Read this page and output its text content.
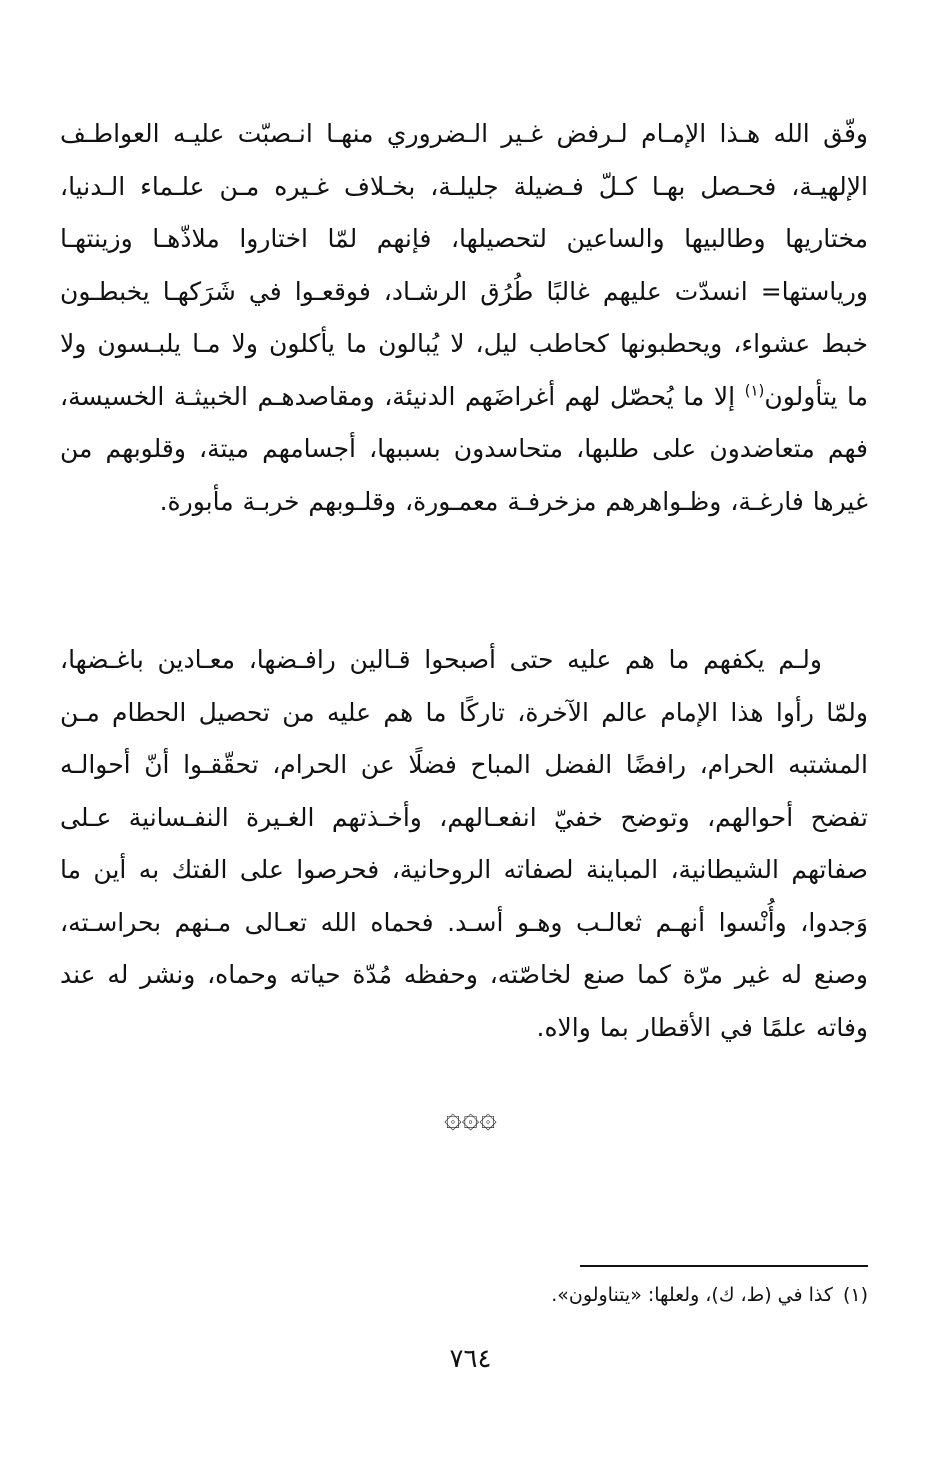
وفّق الله هـذا الإمـام لـرفض غـير الـضروري منهـا انـصبّت عليـه العواطـف الإلهيـة، فحـصل بهـا كـلّ فـضيلة جليلـة، بخـلاف غـيره مـن علـماء الـدنيا، مختاريها وطالبيها والساعين لتحصيلها، فإنهم لمّا اختاروا ملاذّهـا وزينتهـا ورياستها= انسدّت عليهم غالبًا طُرُق الرشـاد، فوقعـوا في شَرَكهـا يخبطـون خبط عشواء، ويحطبونها كحاطب ليل، لا يُبالون ما يأكلون ولا مـا يلبـسون ولا ما يتأولون$^{(١)}$ إلا ما يُحصّل لهم أغراضَهم الدنيئة، ومقاصدهـم الخبيثـة الخسيسة، فهم متعاضدون على طلبها، متحاسدون بسببها، أجسامهم ميتة، وقلوبهم من غيرها فارغـة، وظـواهرهم مزخرفـة معمـورة، وقلـوبهم خربـة مأبورة.
ولـم يكفهم ما هم عليه حتى أصبحوا قـالين رافـضها، معـادين باغـضها، ولمّا رأوا هذا الإمام عالم الآخرة، تاركًا ما هم عليه من تحصيل الحطام مـن المشتبه الحرام، رافضًا الفضل المباح فضلًا عن الحرام، تحقّقـوا أنّ أحوالـه تفضح أحوالهم، وتوضح خفيّ انفعـالهم، وأخـذتهم الغـيرة النفـسانية عـلى صفاتهم الشيطانية، المباينة لصفاته الروحانية، فحرصوا على الفتك به أين ما وَجدوا، وأُنْسوا أنهـم ثعالـب وهـو أسـد. فحماه الله تعـالى مـنهم بحراسـته، وصنع له غير مرّة كما صنع لخاصّته، وحفظه مُدّة حياته وحماه، ونشر له عند وفاته علمًا في الأقطار بما والاه.
۞۞۞
(١)كذا في (ط، ك)، ولعلها: «يتناولون».
٧٦٤
